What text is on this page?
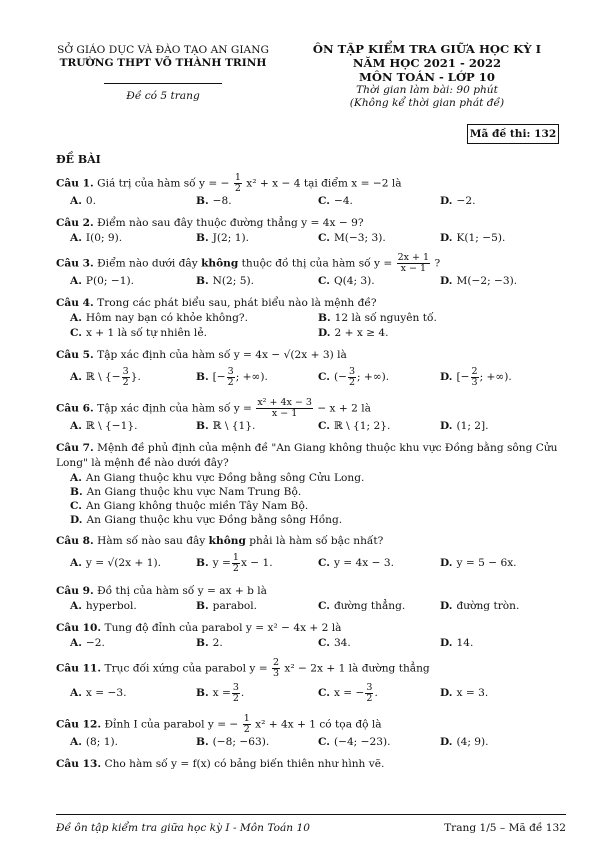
SỞ GIÁO DỤC VÀ ĐÀO TẠO AN GIANG
TRƯỜNG THPT VÕ THÀNH TRINH
Đề có 5 trang
ÔN TẬP KIỂM TRA GIỮA HỌC KỲ I
NĂM HỌC 2021 - 2022
MÔN TOÁN - LỚP 10
Thời gian làm bài: 90 phút
(Không kể thời gian phát đề)
Mã đề thi: 132
ĐỀ BÀI
Câu 1. Giá trị của hàm số y = − $\frac{1}{2} x^2 + x - 4$ tại điểm x = −2 là
A. 0.	B. −8.	C. −4.	D. −2.
Câu 2. Điểm nào sau đây thuộc đường thẳng y = 4x − 9?
A. I(0; 9).	B. J(2; 1).	C. M(−3; 3).	D. K(1; −5).
Câu 3. Điểm nào dưới đây không thuộc đồ thị của hàm số $y = \frac{2x + 1}{x - 1}$ ?
A. P(0; −1).	B. N(2; 5).	C. Q(4; 3).	D. M(−2; −3).
Câu 4. Trong các phát biểu sau, phát biểu nào là mệnh đề?
A. Hôm nay bạn có khỏe không?.	B. 12 là số nguyên tố.
C. x + 1 là số tự nhiên lẻ.	D. 2 + x ≥ 4.
Câu 5. Tập xác định của hàm số y = 4x − √(2x + 3) là
A. ℝ \ {− $\frac{3}{2}$ }.	B. [− $\frac{3}{2}$ ; +∞).	C. (− $\frac{3}{2}$ ; +∞).	D. [− $\frac{2}{3}$ ; +∞).
Câu 6. Tập xác định của hàm số $y = \frac{\text{x² + 4x − 3}}{x - 1} - x + 2$ là
A. ℝ \ {−1}.	B. ℝ \ {1}.	C. ℝ \ {1; 2}.	D. (1; 2].
Câu 7. Mệnh đề phủ định của mệnh đề "An Giang không thuộc khu vực Đồng bằng sông Cửu Long" là mệnh đề nào dưới đây?
A. An Giang thuộc khu vực Đồng bằng sông Cửu Long.
B. An Giang thuộc khu vực Nam Trung Bộ.
C. An Giang không thuộc miền Tây Nam Bộ.
D. An Giang thuộc khu vực Đồng bằng sông Hồng.
Câu 8. Hàm số nào sau đây không phải là hàm số bậc nhất?
A. y = √(2x + 1).	B. $y = \frac{1}{2}$ x − 1.	C. y = 4x − 3.	D. y = 5 − 6x.
Câu 9. Đồ thị của hàm số y = ax + b là
A. hyperbol.	B. parabol.	C. đường thẳng.	D. đường tròn.
Câu 10. Tung độ đỉnh của parabol y = x² − 4x + 2 là
A. −2.	B. 2.	C. 34.	D. 14.
Câu 11. Trục đối xứng của parabol $y = \frac{2}{3} x^2 - 2x + 1$ là đường thẳng
A. x = −3.	B. $x = \frac{3}{2}$ .	C. x = − $\frac{3}{2}$ .	D. x = 3.
Câu 12. Đỉnh I của parabol y = − $\frac{1}{2} x^2 + 4x + 1$ có tọa độ là
A. (8; 1).	B. (−8; −63).	C. (−4; −23).	D. (4; 9).
Câu 13. Cho hàm số y = f(x) có bảng biến thiên như hình vẽ.
Đề ôn tập kiểm tra giữa học kỳ I - Môn Toán 10	Trang 1/5 – Mã đề 132
